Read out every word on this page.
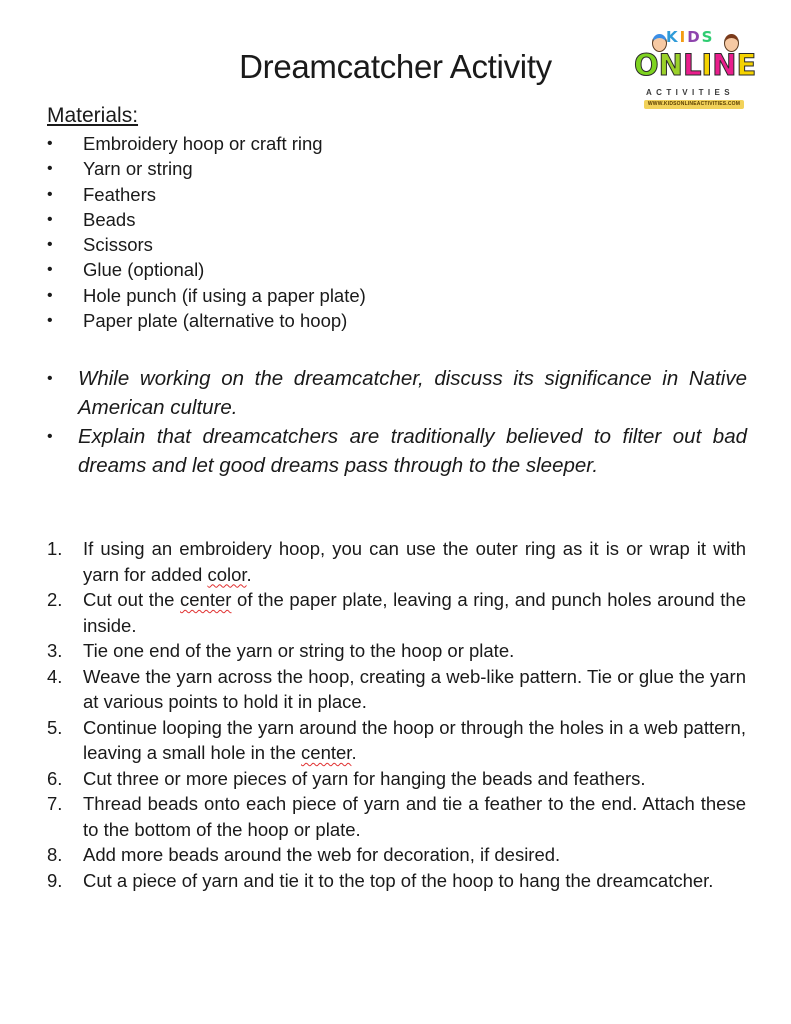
Dreamcatcher Activity
KIDS
ONLINE
ACTIVITIES
WWW.KIDSONLINEACTIVITIES.COM
Materials:
• Embroidery hoop or craft ring
• Yarn or string
• Feathers
• Beads
• Scissors
• Glue (optional)
• Hole punch (if using a paper plate)
• Paper plate (alternative to hoop)
• While working on the dreamcatcher, discuss its significance in Native American culture.
• Explain that dreamcatchers are traditionally believed to filter out bad dreams and let good dreams pass through to the sleeper.
1. If using an embroidery hoop, you can use the outer ring as it is or wrap it with yarn for added color.
2. Cut out the center of the paper plate, leaving a ring, and punch holes around the inside.
3. Tie one end of the yarn or string to the hoop or plate.
4. Weave the yarn across the hoop, creating a web-like pattern. Tie or glue the yarn at various points to hold it in place.
5. Continue looping the yarn around the hoop or through the holes in a web pattern, leaving a small hole in the center.
6. Cut three or more pieces of yarn for hanging the beads and feathers.
7. Thread beads onto each piece of yarn and tie a feather to the end. Attach these to the bottom of the hoop or plate.
8. Add more beads around the web for decoration, if desired.
9. Cut a piece of yarn and tie it to the top of the hoop to hang the dreamcatcher.
